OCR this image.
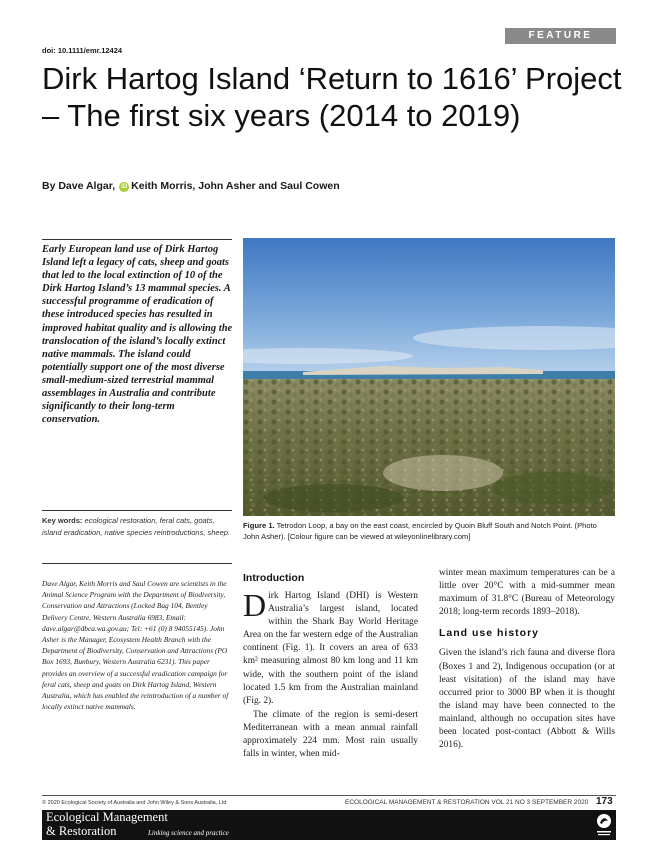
FEATURE
doi: 10.1111/emr.12424
Dirk Hartog Island ‘Return to 1616’ Project – The first six years (2014 to 2019)
By Dave Algar, iD Keith Morris, John Asher and Saul Cowen

Early European land use of Dirk Hartog Island left a legacy of cats, sheep and goats that led to the local extinction of 10 of the Dirk Hartog Island’s 13 mammal species. A successful programme of eradication of these introduced species has resulted in improved habitat quality and is allowing the translocation of the island’s locally extinct native mammals. The island could potentially support one of the most diverse small-medium-sized terrestrial mammal assemblages in Australia and contribute significantly to their long-term conservation.

Key words: ecological restoration, feral cats, goats, island eradication, native species reintroductions, sheep.
Dave Algar, Keith Morris and Saul Cowen are scientists in the Animal Science Program with the Department of Biodiversity, Conservation and Attractions (Locked Bag 104, Bentley Delivery Centre, Western Australia 6983, Email: dave.algar@dbca.wa.gov.au; Tel: +61 (0) 8 94055145). John Asher is the Manager, Ecosystem Health Branch with the Department of Biodiversity, Conservation and Attractions (PO Box 1693, Bunbury, Western Australia 6231). This paper provides an overview of a successful eradication campaign for feral cats, sheep and goats on Dirk Hartog Island, Western Australia, which has enabled the reintroduction of a number of locally extinct native mammals.
Figure 1. Tetrodon Loop, a bay on the east coast, encircled by Quoin Bluff South and Notch Point. (Photo John Asher). [Colour figure can be viewed at wileyonlinelibrary.com]
Introduction

Dirk Hartog Island (DHI) is Western Australia’s largest island, located within the Shark Bay World Heritage Area on the far western edge of the Australian continent (Fig. 1). It covers an area of 633 km² measuring almost 80 km long and 11 km wide, with the southern point of the island located 1.5 km from the Australian mainland (Fig. 2).

The climate of the region is semi-desert Mediterranean with a mean annual rainfall approximately 224 mm. Most rain usually falls in winter, when mid-

winter mean maximum temperatures can be a little over 20°C with a mid-summer mean maximum of 31.8°C (Bureau of Meteorology 2018; long-term records 1893–2018).

Land use history

Given the island’s rich fauna and diverse flora (Boxes 1 and 2), Indigenous occupation (or at least visitation) of the island may have occurred prior to 3000 BP when it is thought the island may have been connected to the mainland, although no occupation sites have been located post-contact (Abbott & Wills 2016).

© 2020 Ecological Society of Australia and John Wiley & Sons Australia, Ltd	ECOLOGICAL MANAGEMENT & RESTORATION VOL 21 NO 3 SEPTEMBER 2020 173
Ecological Management
& Restoration	Linking science and practice
